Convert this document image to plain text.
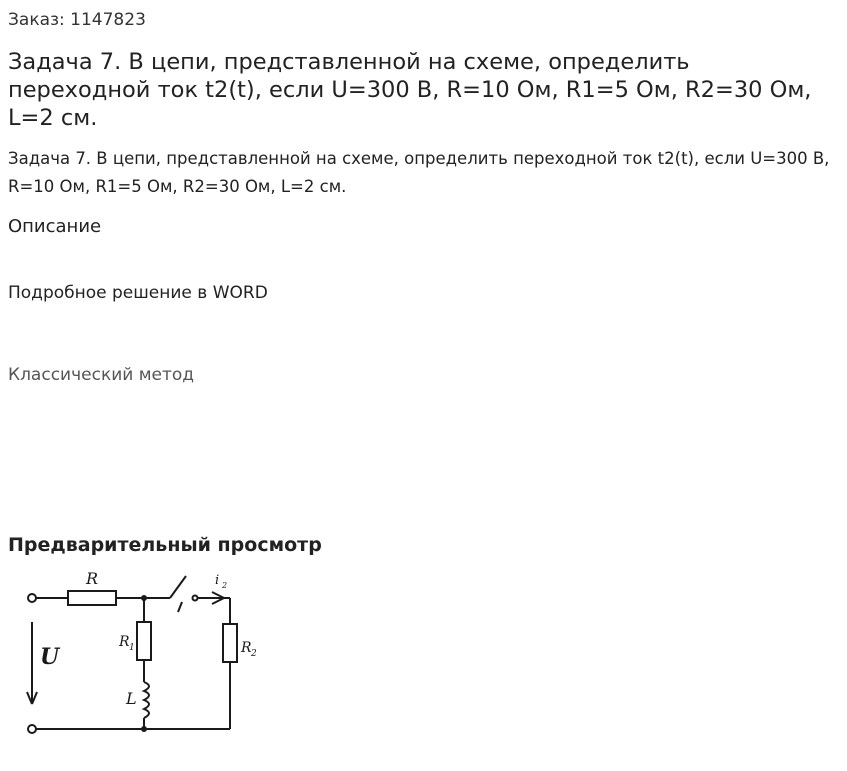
Заказ: 1147823
Задача 7. В цепи, представленной на схеме, определить переходной ток t2(t), если U=300 В, R=10 Ом, R1=5 Ом, R2=30 Ом, L=2 см.
Задача 7. В цепи, представленной на схеме, определить переходной ток t2(t), если U=300 В, R=10 Ом, R1=5 Ом, R2=30 Ом, L=2 см.
Описание
Подробное решение в WORD
Классический метод
Предварительный просмотр
R
R 1	R 2
L
U
i 2
